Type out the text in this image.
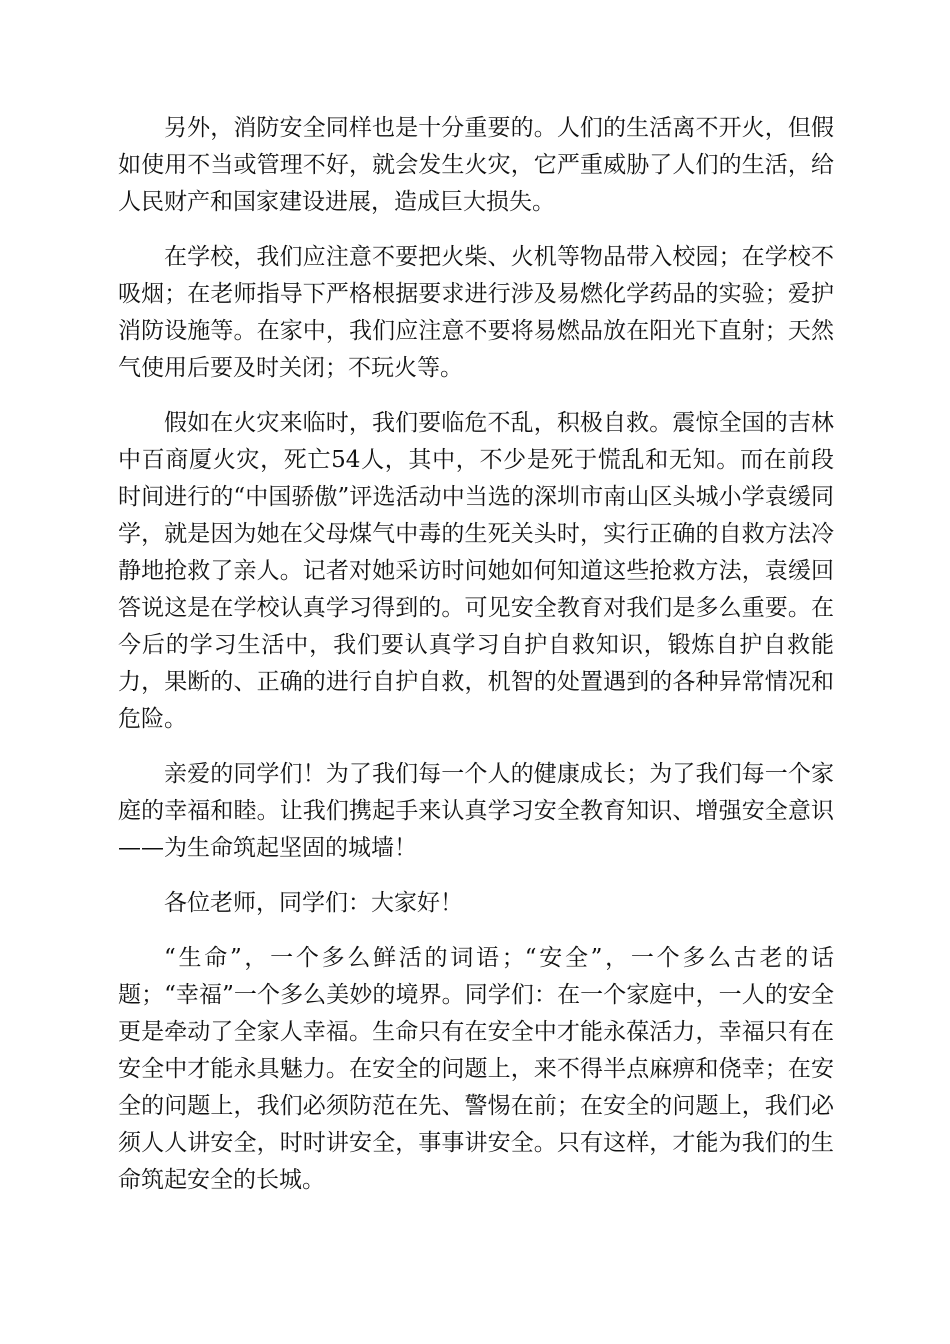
另外，消防安全同样也是十分重要的。人们的生活离不开火，但假如使用不当或管理不好，就会发生火灾，它严重威胁了人们的生活，给人民财产和国家建设进展，造成巨大损失。

在学校，我们应注意不要把火柴、火机等物品带入校园；在学校不吸烟；在老师指导下严格根据要求进行涉及易燃化学药品的实验；爱护消防设施等。在家中，我们应注意不要将易燃品放在阳光下直射；天然气使用后要及时关闭；不玩火等。

假如在火灾来临时，我们要临危不乱，积极自救。震惊全国的吉林中百商厦火灾，死亡54人，其中，不少是死于慌乱和无知。而在前段时间进行的“中国骄傲”评选活动中当选的深圳市南山区头城小学袁缓同学，就是因为她在父母煤气中毒的生死关头时，实行正确的自救方法冷静地抢救了亲人。记者对她采访时问她如何知道这些抢救方法，袁缓回答说这是在学校认真学习得到的。可见安全教育对我们是多么重要。在今后的学习生活中，我们要认真学习自护自救知识，锻炼自护自救能力，果断的、正确的进行自护自救，机智的处置遇到的各种异常情况和危险。

亲爱的同学们！为了我们每一个人的健康成长；为了我们每一个家庭的幸福和睦。让我们携起手来认真学习安全教育知识、增强安全意识——为生命筑起坚固的城墙！

各位老师，同学们：大家好！

“生命”，一个多么鲜活的词语；“安全”，一个多么古老的话题；“幸福”一个多么美妙的境界。同学们：在一个家庭中，一人的安全更是牵动了全家人幸福。生命只有在安全中才能永葆活力，幸福只有在安全中才能永具魅力。在安全的问题上，来不得半点麻痹和侥幸；在安全的问题上，我们必须防范在先、警惕在前；在安全的问题上，我们必须人人讲安全，时时讲安全，事事讲安全。只有这样，才能为我们的生命筑起安全的长城。
